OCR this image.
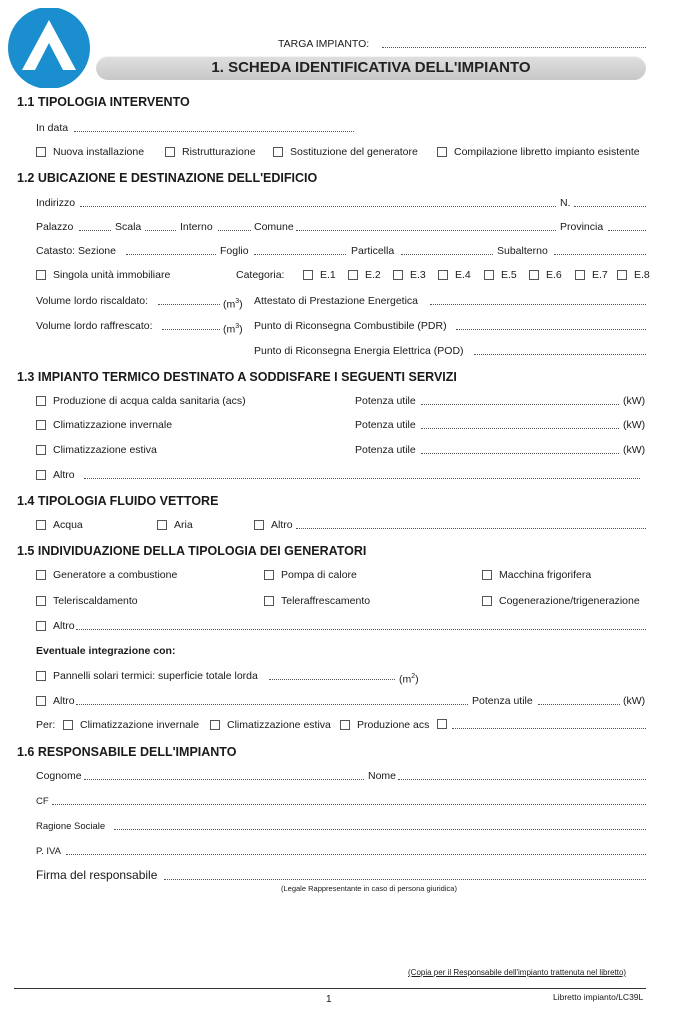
TARGA IMPIANTO:
1. SCHEDA IDENTIFICATIVA DELL'IMPIANTO
1.1 TIPOLOGIA INTERVENTO
In data
Nuova installazione	Ristrutturazione	Sostituzione del generatore	Compilazione libretto impianto esistente
1.2 UBICAZIONE E DESTINAZIONE DELL'EDIFICIO
Indirizzo	N.
Palazzo	Scala	Interno	Comune	Provincia
Catasto: Sezione	Foglio	Particella	Subalterno
Singola unità immobiliare	Categoria:	E.1	E.2	E.3	E.4	E.5	E.6	E.7 E.8
Volume lordo riscaldato:	$(m^3)$ Attestato di Prestazione Energetica
Volume lordo raffrescato:	$(m^3)$ Punto di Riconsegna Combustibile (PDR)
Punto di Riconsegna Energia Elettrica (POD)
1.3 IMPIANTO TERMICO DESTINATO A SODDISFARE I SEGUENTI SERVIZI
Produzione di acqua calda sanitaria (acs)	Potenza utile	(kW)
Climatizzazione invernale	Potenza utile	(kW)
Climatizzazione estiva	Potenza utile	(kW)
Altro
1.4 TIPOLOGIA FLUIDO VETTORE
Acqua	Aria	Altro
1.5 INDIVIDUAZIONE DELLA TIPOLOGIA DEI GENERATORI
Generatore a combustione	Pompa di calore	Macchina frigorifera
Teleriscaldamento	Teleraffrescamento	Cogenerazione/trigenerazione
Altro
Eventuale integrazione con:
Pannelli solari termici: superficie totale lorda	$(m^2)$
Altro	Potenza utile	(kW)
Per: Climatizzazione invernale	Climatizzazione estiva Produzione acs
1.6 RESPONSABILE DELL'IMPIANTO
Cognome	Nome
CF
Ragione Sociale
P. IVA
Firma del responsabile
(Legale Rappresentante in caso di persona giuridica)
(Copia per il Responsabile dell'impianto trattenuta nel libretto)
1	Libretto impianto/LC39L
